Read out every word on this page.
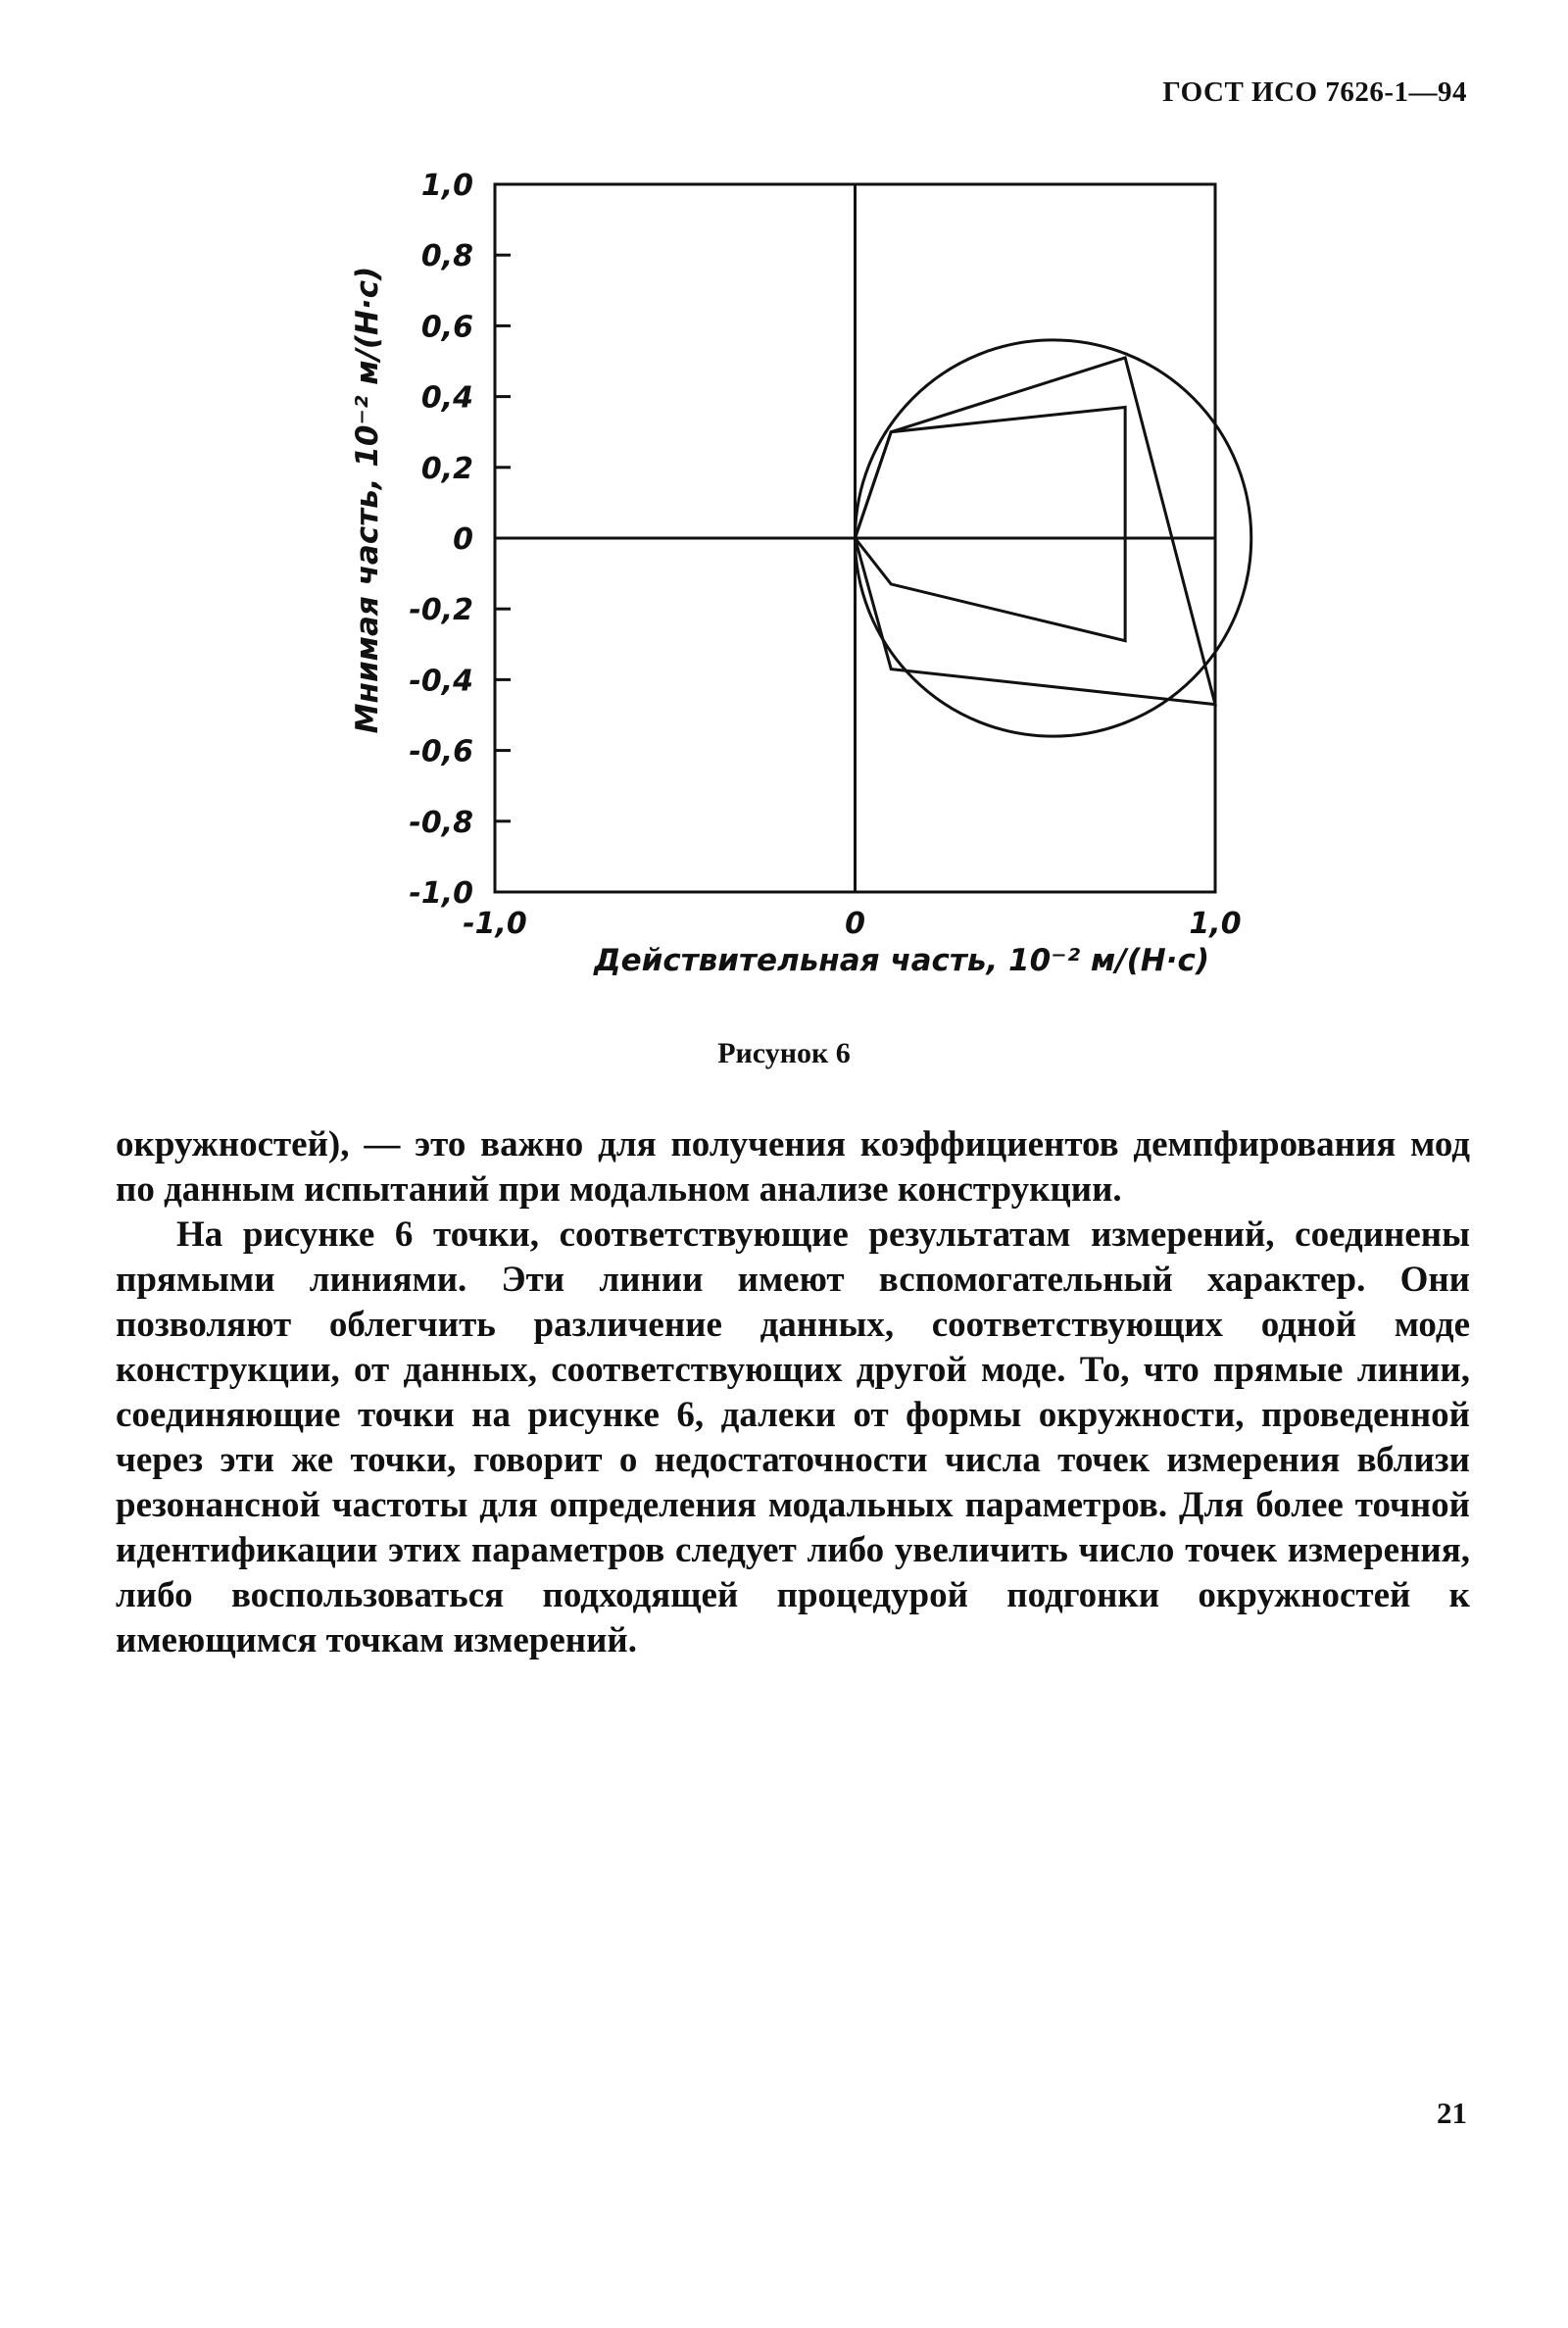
ГОСТ ИСО 7626-1—94
1,0
0,8
0,6
0,4
0,2
0
-0,2
-0,4
-0,6
-0,8
-1,0
-1,0	0	1,0
Действительная часть, 10⁻² м/(Н·с)
Мнимая часть, 10⁻² м/(Н·с)
Рисунок 6

окружностей), — это важно для получения коэффициентов демпфирования мод по данным испытаний при модальном анализе конструкции.

На рисунке 6 точки, соответствующие результатам измерений, соединены прямыми линиями. Эти линии имеют вспомогательный характер. Они позволяют облегчить различение данных, соответствующих одной моде конструкции, от данных, соответствующих другой моде. То, что прямые линии, соединяющие точки на рисунке 6, далеки от формы окружности, проведенной через эти же точки, говорит о недостаточности числа точек измерения вблизи резонансной частоты для определения модальных параметров. Для более точной идентификации этих параметров следует либо увеличить число точек измерения, либо воспользоваться подходящей процедурой подгонки окружностей к имеющимся точкам измерений.

21
